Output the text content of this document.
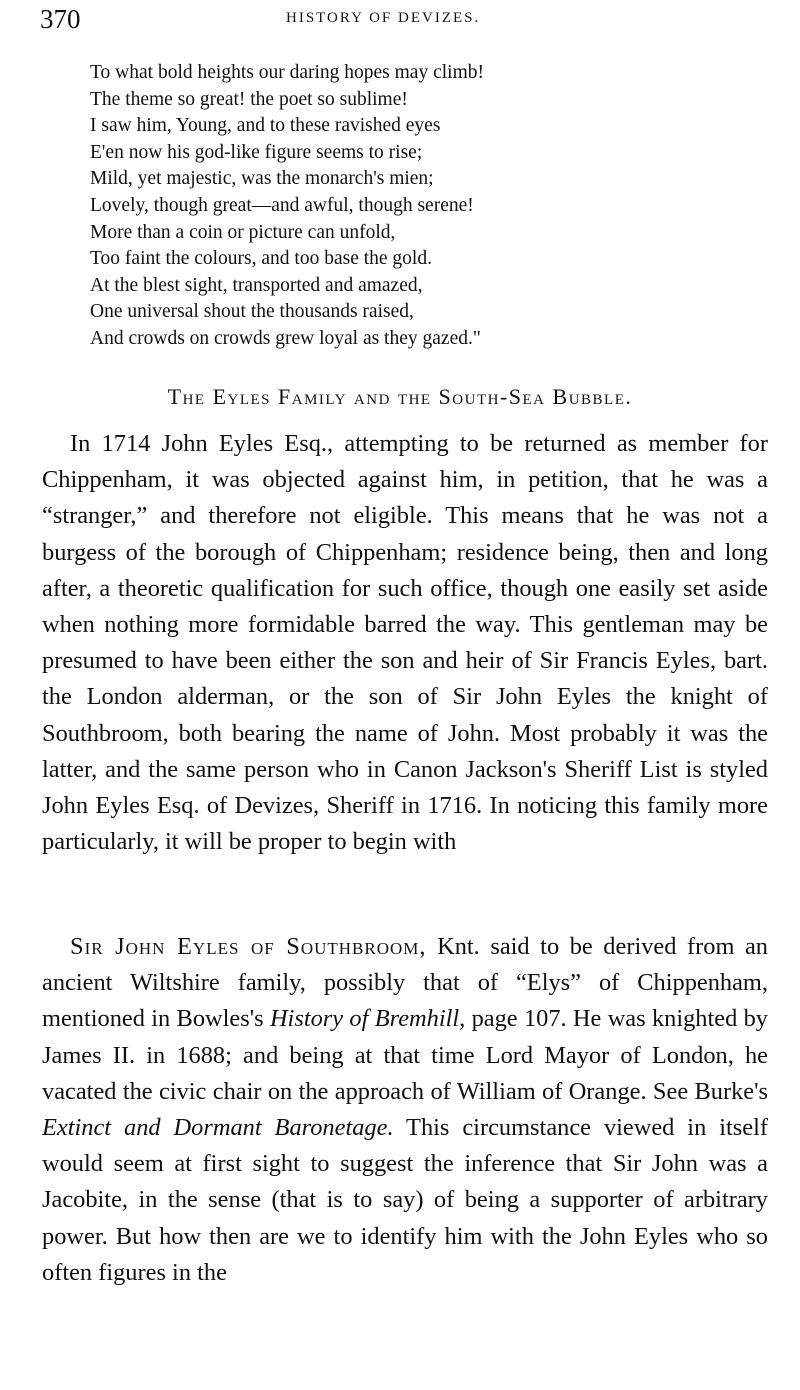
370	HISTORY OF DEVIZES.
To what bold heights our daring hopes may climb!
The theme so great! the poet so sublime!
I saw him, Young, and to these ravished eyes
E'en now his god-like figure seems to rise;
Mild, yet majestic, was the monarch's mien;
Lovely, though great—and awful, though serene!
More than a coin or picture can unfold,
Too faint the colours, and too base the gold.
At the blest sight, transported and amazed,
One universal shout the thousands raised,
And crowds on crowds grew loyal as they gazed."
The Eyles Family and the South-Sea Bubble.

In 1714 John Eyles Esq., attempting to be returned as member for Chippenham, it was objected against him, in petition, that he was a “stranger,” and therefore not eligible. This means that he was not a burgess of the borough of Chippenham; residence being, then and long after, a theoretic qualification for such office, though one easily set aside when nothing more formidable barred the way. This gentleman may be presumed to have been either the son and heir of Sir Francis Eyles, bart. the London alderman, or the son of Sir John Eyles the knight of Southbroom, both bearing the name of John. Most probably it was the latter, and the same person who in Canon Jackson's Sheriff List is styled John Eyles Esq. of Devizes, Sheriff in 1716. In noticing this family more particularly, it will be proper to begin with

Sir John Eyles of Southbroom, Knt. said to be derived from an ancient Wiltshire family, possibly that of “Elys” of Chippenham, mentioned in Bowles's History of Bremhill, page 107. He was knighted by James II. in 1688; and being at that time Lord Mayor of London, he vacated the civic chair on the approach of William of Orange. See Burke's Extinct and Dormant Baronetage. This circumstance viewed in itself would seem at first sight to suggest the inference that Sir John was a Jacobite, in the sense (that is to say) of being a supporter of arbitrary power. But how then are we to identify him with the John Eyles who so often figures in the
